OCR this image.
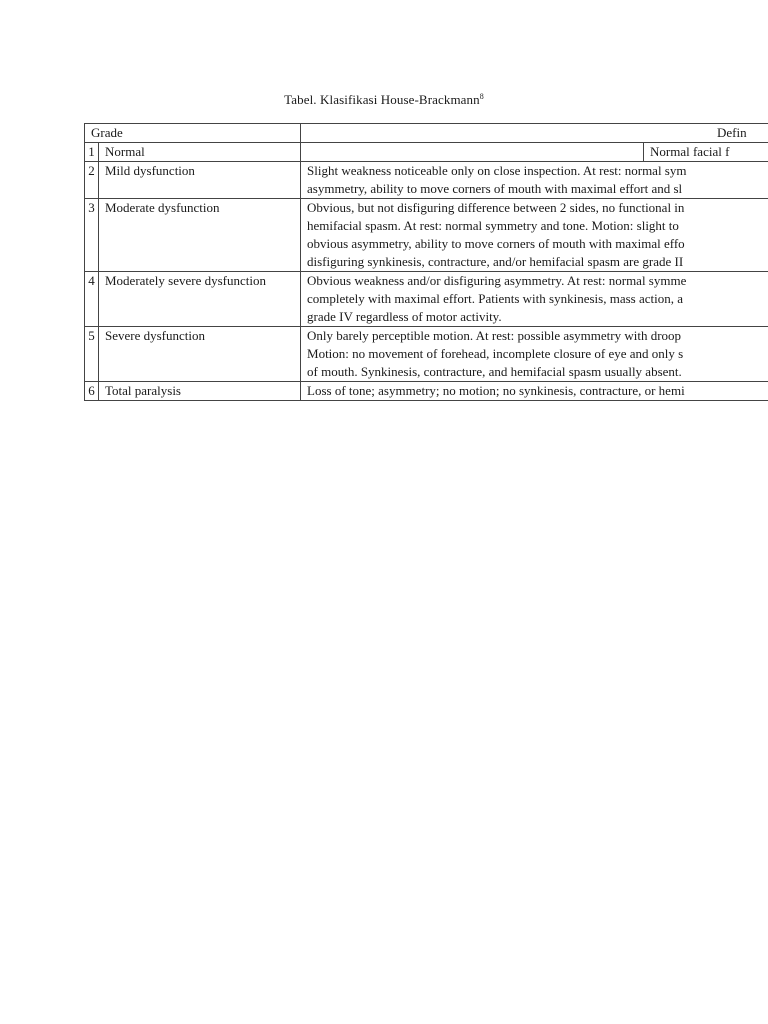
Tabel. Klasifikasi House-Brackmann$^8$
Grade		Defin
1	Normal	Normal facial f

2	Mild dysfunction	Slight weakness noticeable only on close inspection. At rest: normal sym
asymmetry, ability to move corners of mouth with maximal effort and sl

3	Moderate dysfunction	Obvious, but not disfiguring difference between 2 sides, no functional in
hemifacial spasm. At rest: normal symmetry and tone. Motion: slight to
obvious asymmetry, ability to move corners of mouth with maximal effo
disfiguring synkinesis, contracture, and/or hemifacial spasm are grade II

4	Moderately severe dysfunction	Obvious weakness and/or disfiguring asymmetry. At rest: normal symme
completely with maximal effort. Patients with synkinesis, mass action, a
grade IV regardless of motor activity.

5	Severe dysfunction	Only barely perceptible motion. At rest: possible asymmetry with droop
Motion: no movement of forehead, incomplete closure of eye and only s
of mouth. Synkinesis, contracture, and hemifacial spasm usually absent.

6	Total paralysis	Loss of tone; asymmetry; no motion; no synkinesis, contracture, or hemi
